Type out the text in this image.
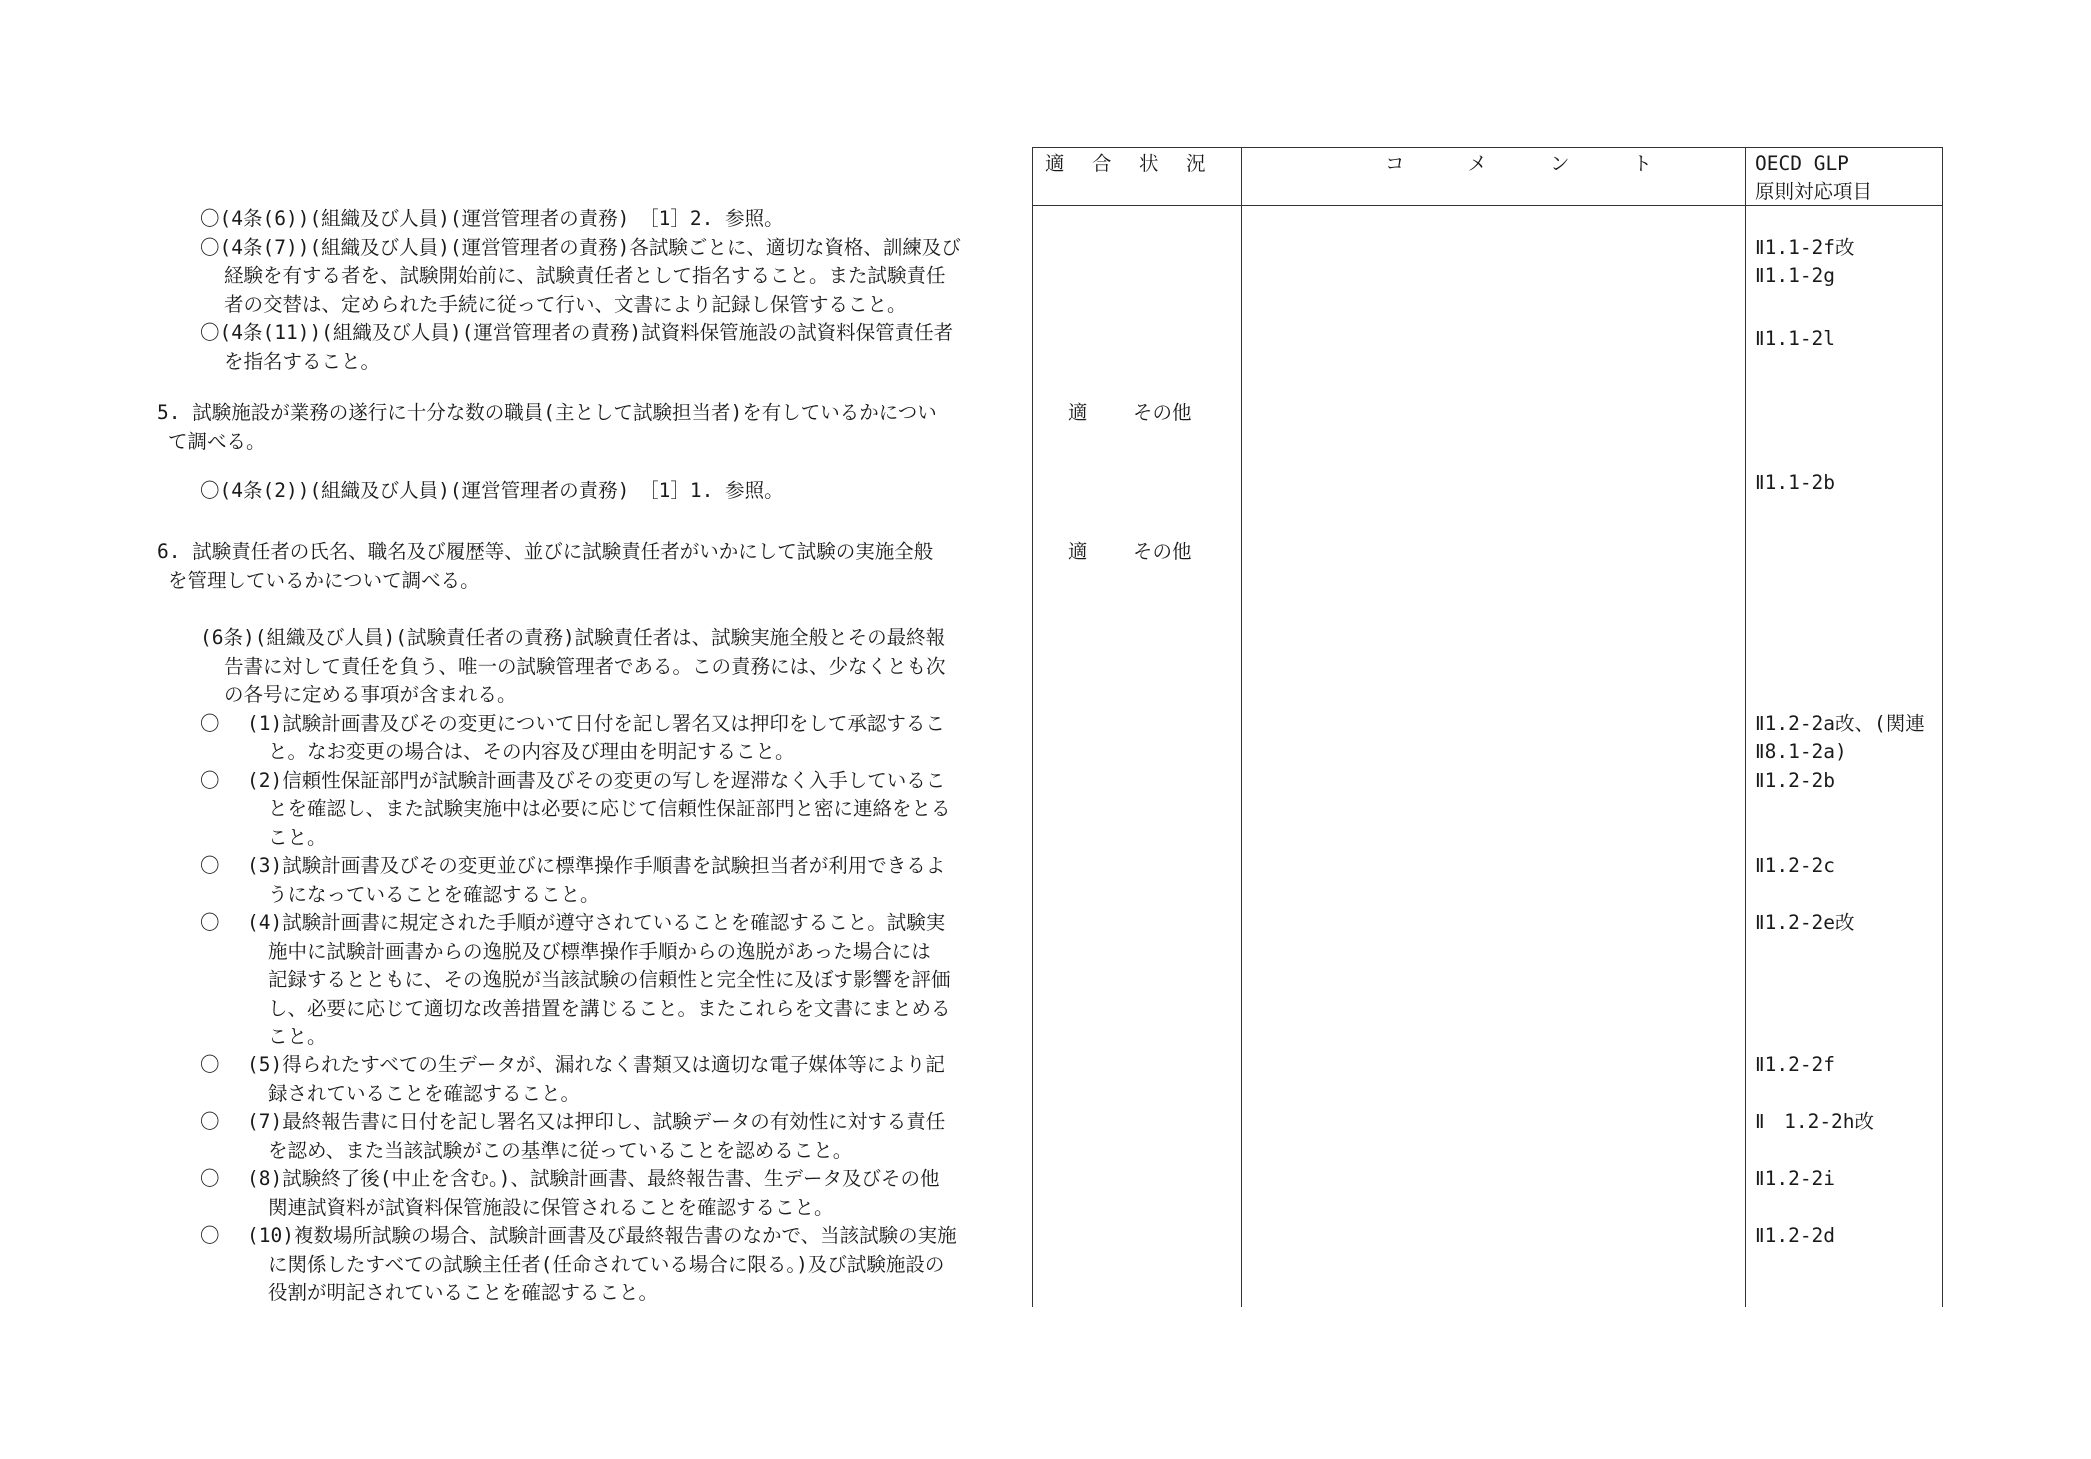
適　合　状　況	コ　　メ　　ン　　ト	OECD GLP
原則対応項目
〇(4条(6))(組織及び人員)(運営管理者の責務)　［1］2. 参照。
〇(4条(7))(組織及び人員)(運営管理者の責務)各試験ごとに、適切な資格、訓練及び
経験を有する者を、試験開始前に、試験責任者として指名すること。また試験責任
者の交替は、定められた手続に従って行い、文書により記録し保管すること。
〇(4条(11))(組織及び人員)(運営管理者の責務)試資料保管施設の試資料保管責任者
を指名すること。
5. 試験施設が業務の遂行に十分な数の職員(主として試験担当者)を有しているかについ
て調べる。
〇(4条(2))(組織及び人員)(運営管理者の責務)　［1］1. 参照。
6. 試験責任者の氏名、職名及び履歴等、並びに試験責任者がいかにして試験の実施全般
を管理しているかについて調べる。
(6条)(組織及び人員)(試験責任者の責務)試験責任者は、試験実施全般とその最終報
告書に対して責任を負う、唯一の試験管理者である。この責務には、少なくとも次
の各号に定める事項が含まれる。
〇 (1)試験計画書及びその変更について日付を記し署名又は押印をして承認するこ
と。なお変更の場合は、その内容及び理由を明記すること。
〇 (2)信頼性保証部門が試験計画書及びその変更の写しを遅滞なく入手しているこ
とを確認し、また試験実施中は必要に応じて信頼性保証部門と密に連絡をとる
こと。
〇 (3)試験計画書及びその変更並びに標準操作手順書を試験担当者が利用できるよ
うになっていることを確認すること。
〇 (4)試験計画書に規定された手順が遵守されていることを確認すること。試験実
施中に試験計画書からの逸脱及び標準操作手順からの逸脱があった場合には
記録するとともに、その逸脱が当該試験の信頼性と完全性に及ぼす影響を評価
し、必要に応じて適切な改善措置を講じること。またこれらを文書にまとめる
こと。
〇 (5)得られたすべての生データが、漏れなく書類又は適切な電子媒体等により記
録されていることを確認すること。
〇 (7)最終報告書に日付を記し署名又は押印し、試験データの有効性に対する責任
を認め、また当該試験がこの基準に従っていることを認めること。
〇 (8)試験終了後(中止を含む。)、試験計画書、最終報告書、生データ及びその他
関連試資料が試資料保管施設に保管されることを確認すること。
〇 (10)複数場所試験の場合、試験計画書及び最終報告書のなかで、当該試験の実施
に関係したすべての試験主任者(任命されている場合に限る。)及び試験施設の
役割が明記されていることを確認すること。
適 その他
適 その他
Ⅱ1.1-2f改
Ⅱ1.1-2g
Ⅱ1.1-2l
Ⅱ1.1-2b
Ⅱ1.2-2a改、(関連
Ⅱ8.1-2a)
Ⅱ1.2-2b
Ⅱ1.2-2c
Ⅱ1.2-2e改
Ⅱ1.2-2f
Ⅱ　1.2-2h改
Ⅱ1.2-2i
Ⅱ1.2-2d
